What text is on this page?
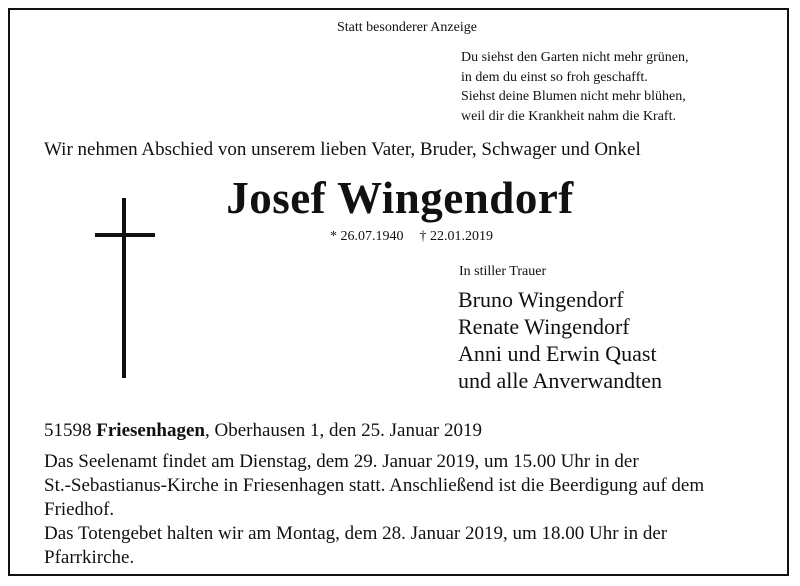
Statt besonderer Anzeige
Du siehst den Garten nicht mehr grünen,
in dem du einst so froh geschafft.
Siehst deine Blumen nicht mehr blühen,
weil dir die Krankheit nahm die Kraft.
Wir nehmen Abschied von unserem lieben Vater, Bruder, Schwager und Onkel
Josef Wingendorf
* 26.07.1940 † 22.01.2019
In stiller Trauer
Bruno Wingendorf
Renate Wingendorf
Anni und Erwin Quast
und alle Anverwandten
51598 Friesenhagen, Oberhausen 1, den 25. Januar 2019
Das Seelenamt findet am Dienstag, dem 29. Januar 2019, um 15.00 Uhr in der
St.-Sebastianus-Kirche in Friesenhagen statt. Anschließend ist die Beerdigung auf dem
Friedhof.
Das Totengebet halten wir am Montag, dem 28. Januar 2019, um 18.00 Uhr in der
Pfarrkirche.
